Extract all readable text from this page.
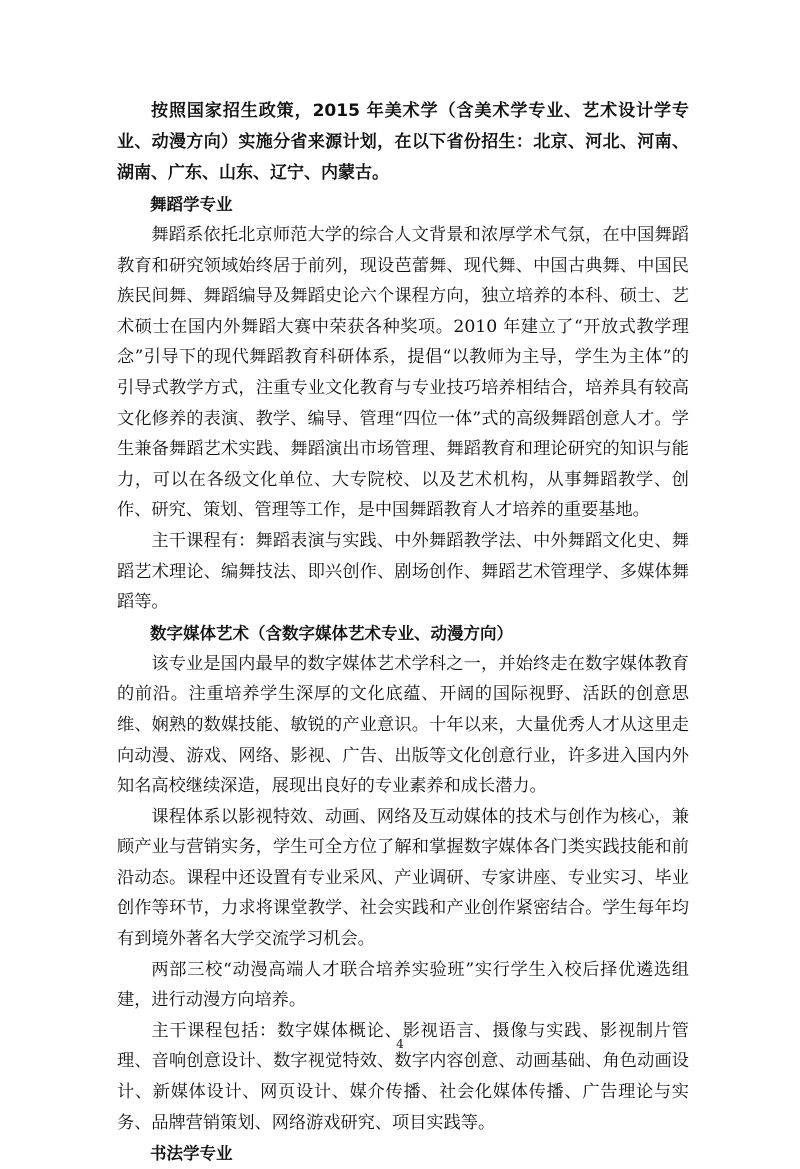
按照国家招生政策，2015 年美术学（含美术学专业、艺术设计学专业、动漫方向）实施分省来源计划，在以下省份招生：北京、河北、河南、湖南、广东、山东、辽宁、内蒙古。

舞蹈学专业

舞蹈系依托北京师范大学的综合人文背景和浓厚学术气氛，在中国舞蹈教育和研究领域始终居于前列，现设芭蕾舞、现代舞、中国古典舞、中国民族民间舞、舞蹈编导及舞蹈史论六个课程方向，独立培养的本科、硕士、艺术硕士在国内外舞蹈大赛中荣获各种奖项。2010 年建立了“开放式教学理念”引导下的现代舞蹈教育科研体系，提倡“以教师为主导，学生为主体”的引导式教学方式，注重专业文化教育与专业技巧培养相结合，培养具有较高文化修养的表演、教学、编导、管理“四位一体”式的高级舞蹈创意人才。学生兼备舞蹈艺术实践、舞蹈演出市场管理、舞蹈教育和理论研究的知识与能力，可以在各级文化单位、大专院校、以及艺术机构，从事舞蹈教学、创作、研究、策划、管理等工作，是中国舞蹈教育人才培养的重要基地。

主干课程有：舞蹈表演与实践、中外舞蹈教学法、中外舞蹈文化史、舞蹈艺术理论、编舞技法、即兴创作、剧场创作、舞蹈艺术管理学、多媒体舞蹈等。

数字媒体艺术（含数字媒体艺术专业、动漫方向）

该专业是国内最早的数字媒体艺术学科之一，并始终走在数字媒体教育的前沿。注重培养学生深厚的文化底蕴、开阔的国际视野、活跃的创意思维、娴熟的数媒技能、敏锐的产业意识。十年以来，大量优秀人才从这里走向动漫、游戏、网络、影视、广告、出版等文化创意行业，许多进入国内外知名高校继续深造，展现出良好的专业素养和成长潜力。

课程体系以影视特效、动画、网络及互动媒体的技术与创作为核心，兼顾产业与营销实务，学生可全方位了解和掌握数字媒体各门类实践技能和前沿动态。课程中还设置有专业采风、产业调研、专家讲座、专业实习、毕业创作等环节，力求将课堂教学、社会实践和产业创作紧密结合。学生每年均有到境外著名大学交流学习机会。

两部三校“动漫高端人才联合培养实验班”实行学生入校后择优遴选组建，进行动漫方向培养。

主干课程包括：数字媒体概论、影视语言、摄像与实践、影视制片管理、音响创意设计、数字视觉特效、数字内容创意、动画基础、角色动画设计、新媒体设计、网页设计、媒介传播、社会化媒体传播、广告理论与实务、品牌营销策划、网络游戏研究、项目实践等。

书法学专业

4
